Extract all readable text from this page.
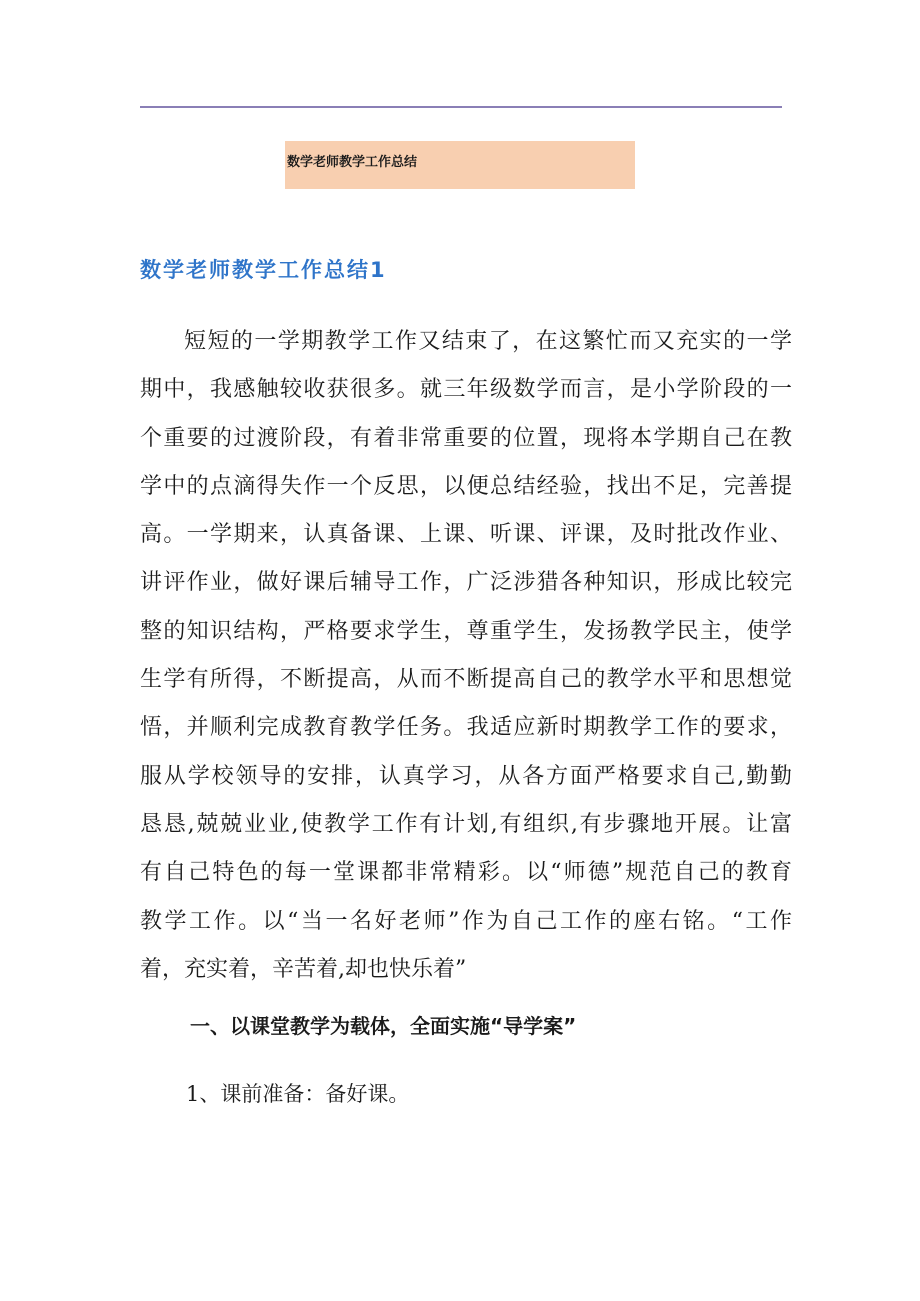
数学老师教学工作总结
数学老师教学工作总结1
短短的一学期教学工作又结束了，在这繁忙而又充实的一学
期中，我感触较收获很多。就三年级数学而言，是小学阶段的一
个重要的过渡阶段，有着非常重要的位置，现将本学期自己在教
学中的点滴得失作一个反思，以便总结经验，找出不足，完善提
高。一学期来，认真备课、上课、听课、评课，及时批改作业、
讲评作业，做好课后辅导工作，广泛涉猎各种知识，形成比较完
整的知识结构，严格要求学生，尊重学生，发扬教学民主，使学
生学有所得，不断提高，从而不断提高自己的教学水平和思想觉
悟，并顺利完成教育教学任务。我适应新时期教学工作的要求，
服从学校领导的安排，认真学习，从各方面严格要求自己,勤勤
恳恳,兢兢业业,使教学工作有计划,有组织,有步骤地开展。让富
有自己特色的每一堂课都非常精彩。以“师德”规范自己的教育
教学工作。以“当一名好老师”作为自己工作的座右铭。“工作
着，充实着，辛苦着,却也快乐着”
一、以课堂教学为载体，全面实施“导学案”

1、课前准备：备好课。
